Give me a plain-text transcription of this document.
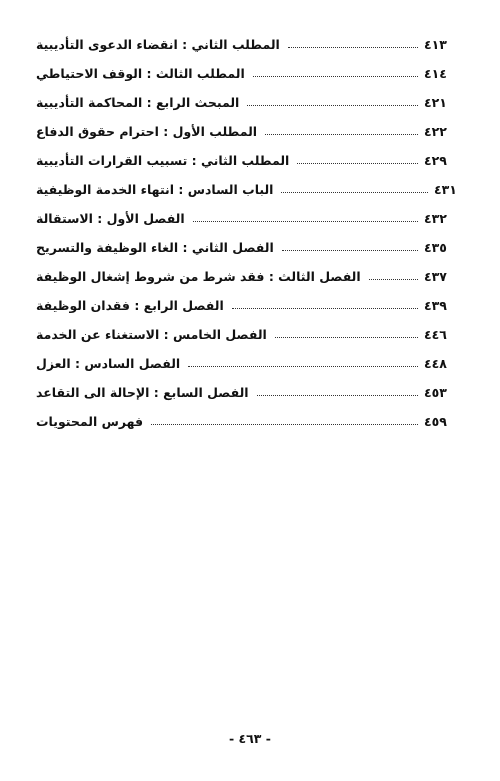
المطلب الثاني : انقضاء الدعوى التأديبية	٤١٣
المطلب الثالث : الوقف الاحتياطي	٤١٤
المبحث الرابع : المحاكمة التأديبية	٤٢١
المطلب الأول : احترام حقوق الدفاع	٤٢٢
المطلب الثاني : تسبيب القرارات التأديبية	٤٢٩
الباب السادس : انتهاء الخدمة الوظيفية	٤٣١
الفصل الأول : الاستقالة	٤٣٢
الفصل الثاني : الغاء الوظيفة والتسريح	٤٣٥
الفصل الثالث : فقد شرط من شروط إشغال الوظيفة	٤٣٧
الفصل الرابع : فقدان الوظيفة	٤٣٩
الفصل الخامس : الاستغناء عن الخدمة	٤٤٦
الفصل السادس : العزل	٤٤٨
الفصل السابع : الإحالة الى التقاعد	٤٥٣
فهرس المحتويات	٤٥٩
- ٤٦٣ -
